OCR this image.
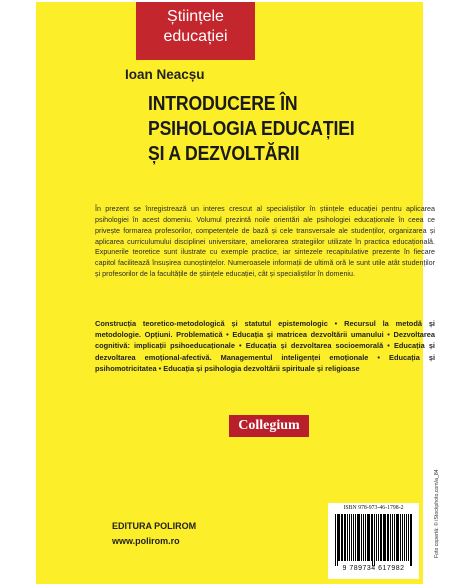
Științele
educației
Ioan Neacșu
INTRODUCERE ÎN
PSIHOLOGIA EDUCAȚIEI
ȘI A DEZVOLTĂRII
În prezent se înregistrează un interes crescut al specialiștilor în științele educației pentru aplicarea psihologiei în acest domeniu. Volumul prezintă noile orientări ale psihologiei educaționale în ceea ce privește formarea profesorilor, competențele de bază și cele transversale ale studenților, organizarea și aplicarea curriculumului disciplinei universitare, ameliorarea strategiilor utilizate în practica educațională. Expunerile teoretice sunt ilustrate cu exemple practice, iar sintezele recapitulative prezente în fiecare capitol facilitează însușirea cunoștințelor. Numeroasele informații de ultimă oră le sunt utile atât studenților și profesorilor de la facultățile de științele educației, cât și specialiștilor în domeniu.
Construcția teoretico-metodologică și statutul epistemologic • Recursul la metodă și metodologie. Opțiuni. Problematică • Educația și matricea dezvoltării umanului • Dezvoltarea cognitivă: implicații psihoeducaționale • Educația și dezvoltarea socioemorală • Educația și dezvoltarea emoțional-afectivă. Managementul inteligenței emoționale • Educația și psihomotricitatea • Educația și psihologia dezvoltării spirituale și religioase
Collegium
Foto copertă: © iStockphoto.com/a_84
EDITURA POLIROM
www.polirom.ro
ISBN 978-973-46-1798-2
9 789734 617982
